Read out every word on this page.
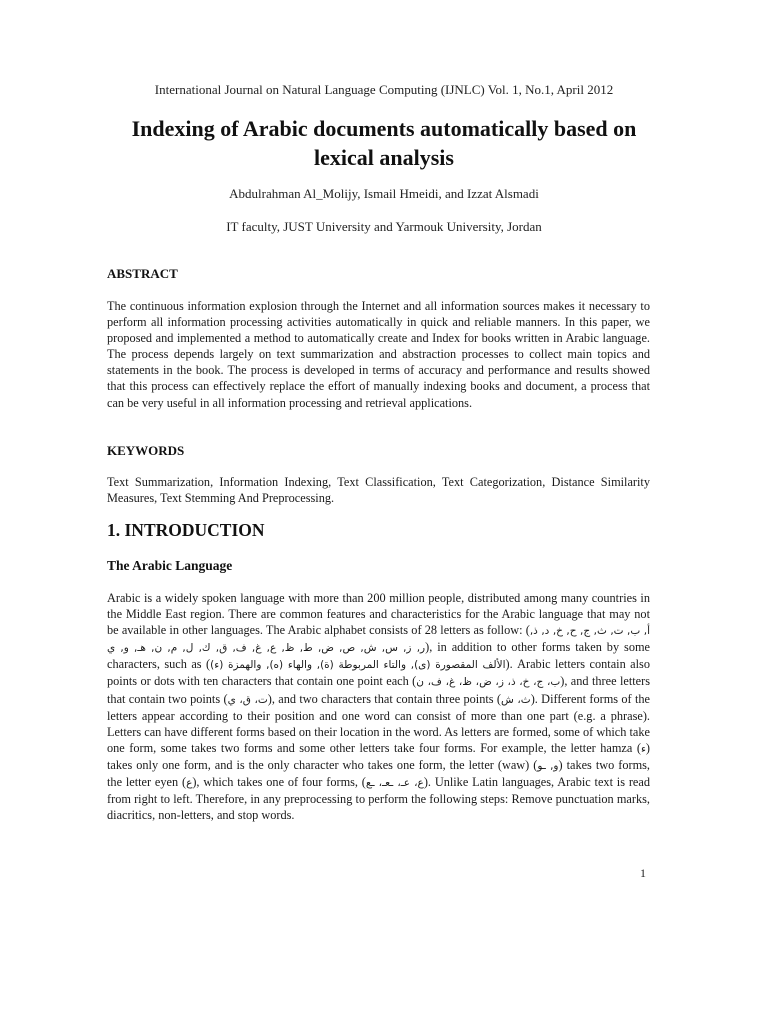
International Journal on Natural Language Computing (IJNLC) Vol. 1, No.1, April 2012
Indexing of Arabic documents automatically based on lexical analysis
Abdulrahman Al_Molijy, Ismail Hmeidi, and Izzat Alsmadi
IT faculty, JUST University and Yarmouk University, Jordan
ABSTRACT
The continuous information explosion through the Internet and all information sources makes it necessary to perform all information processing activities automatically in quick and reliable manners. In this paper, we proposed and implemented a method to automatically create and Index for books written in Arabic language. The process depends largely on text summarization and abstraction processes to collect main topics and statements in the book. The process is developed in terms of accuracy and performance and results showed that this process can effectively replace the effort of manually indexing books and document, a process that can be very useful in all information processing and retrieval applications.
KEYWORDS
Text Summarization, Information Indexing, Text Classification, Text Categorization, Distance Similarity Measures, Text Stemming And Preprocessing.
1. INTRODUCTION
The Arabic Language
Arabic is a widely spoken language with more than 200 million people, distributed among many countries in the Middle East region. There are common features and characteristics for the Arabic language that may not be available in other languages. The Arabic alphabet consists of 28 letters as follow: (أ, ب, ت, ث, ج, ح, خ, د, ذ, ر, ز, س, ش, ص, ض, ط, ظ, ع, غ, ف, ق, ك, ل, م, ن, هـ, و, ي), in addition to other forms taken by some characters, such as (الألف المقصورة (ى), والتاء المربوطة (ة), والهاء (ه), والهمزة (ء)). Arabic letters contain also points or dots with ten characters that contain one point each (ب، ج، خ، ذ، ز، ض، ظ، غ، ف، ن), and three letters that contain two points (ت، ق، ي), and two characters that contain three points (ث، ش). Different forms of the letters appear according to their position and one word can consist of more than one part (e.g. a phrase). Letters can have different forms based on their location in the word. As letters are formed, some of which take one form, some takes two forms and some other letters take four forms. For example, the letter hamza (ء) takes only one form, and is the only character who takes one form, the letter (waw) (و, ـو) takes two forms, the letter eyen (ع), which takes one of four forms, (ع، عـ، ـعـ، ـع). Unlike Latin languages, Arabic text is read from right to left. Therefore, in any preprocessing to perform the following steps: Remove punctuation marks, diacritics, non-letters, and stop words.
1
